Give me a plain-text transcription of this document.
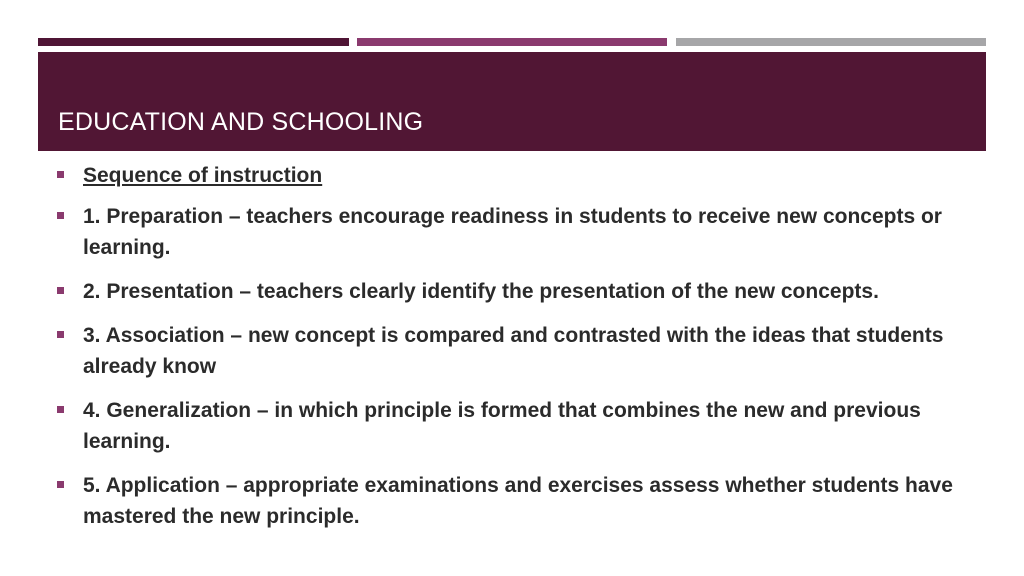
EDUCATION AND SCHOOLING
Sequence of instruction
1. Preparation – teachers encourage readiness in students to receive new concepts or learning.
2. Presentation – teachers clearly identify the presentation of the new concepts.
3. Association – new concept is compared and contrasted with the ideas that students already know
4. Generalization – in which principle is formed that combines the new and previous learning.
5. Application – appropriate examinations and exercises assess whether students have mastered the new principle.
